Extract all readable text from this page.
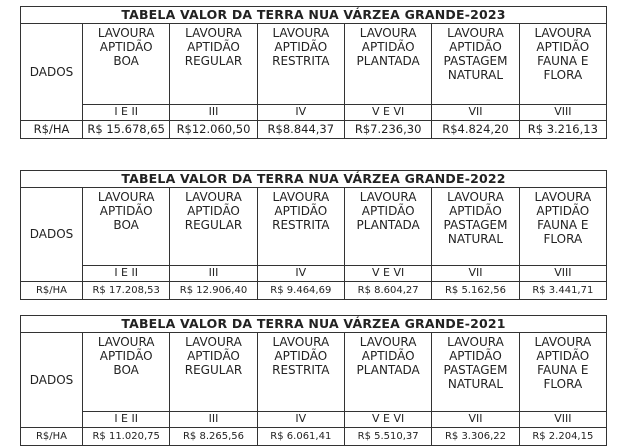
TABELA VALOR DA TERRA NUA VÁRZEA GRANDE-2023						
DADOS	LAVOURA
APTIDÃO
BOA	LAVOURA
APTIDÃO
REGULAR	LAVOURA
APTIDÃO
RESTRITA	LAVOURA
APTIDÃO
PLANTADA	LAVOURA
APTIDÃO
PASTAGEM
NATURAL	LAVOURA
APTIDÃO
FAUNA E
FLORA

	I E II	III	IV	V E VI	VII	VIII
R$/HA	R$ 15.678,65	R$12.060,50	R$8.844,37	R$7.236,30	R$4.824,20	R$ 3.216,13
TABELA VALOR DA TERRA NUA VÁRZEA GRANDE-2022						
DADOS	LAVOURA
APTIDÃO
BOA	LAVOURA
APTIDÃO
REGULAR	LAVOURA
APTIDÃO
RESTRITA	LAVOURA
APTIDÃO
PLANTADA	LAVOURA
APTIDÃO
PASTAGEM
NATURAL	LAVOURA
APTIDÃO
FAUNA E
FLORA

	I E II	III	IV	V E VI	VII	VIII
R$/HA	R$ 17.208,53	R$ 12.906,40	R$ 9.464,69	R$ 8.604,27	R$ 5.162,56	R$ 3.441,71
TABELA VALOR DA TERRA NUA VÁRZEA GRANDE-2021						
DADOS	LAVOURA
APTIDÃO
BOA	LAVOURA
APTIDÃO
REGULAR	LAVOURA
APTIDÃO
RESTRITA	LAVOURA
APTIDÃO
PLANTADA	LAVOURA
APTIDÃO
PASTAGEM
NATURAL	LAVOURA
APTIDÃO
FAUNA E
FLORA

	I E II	III	IV	V E VI	VII	VIII
R$/HA	R$ 11.020,75	R$ 8.265,56	R$ 6.061,41	R$ 5.510,37	R$ 3.306,22	R$ 2.204,15
